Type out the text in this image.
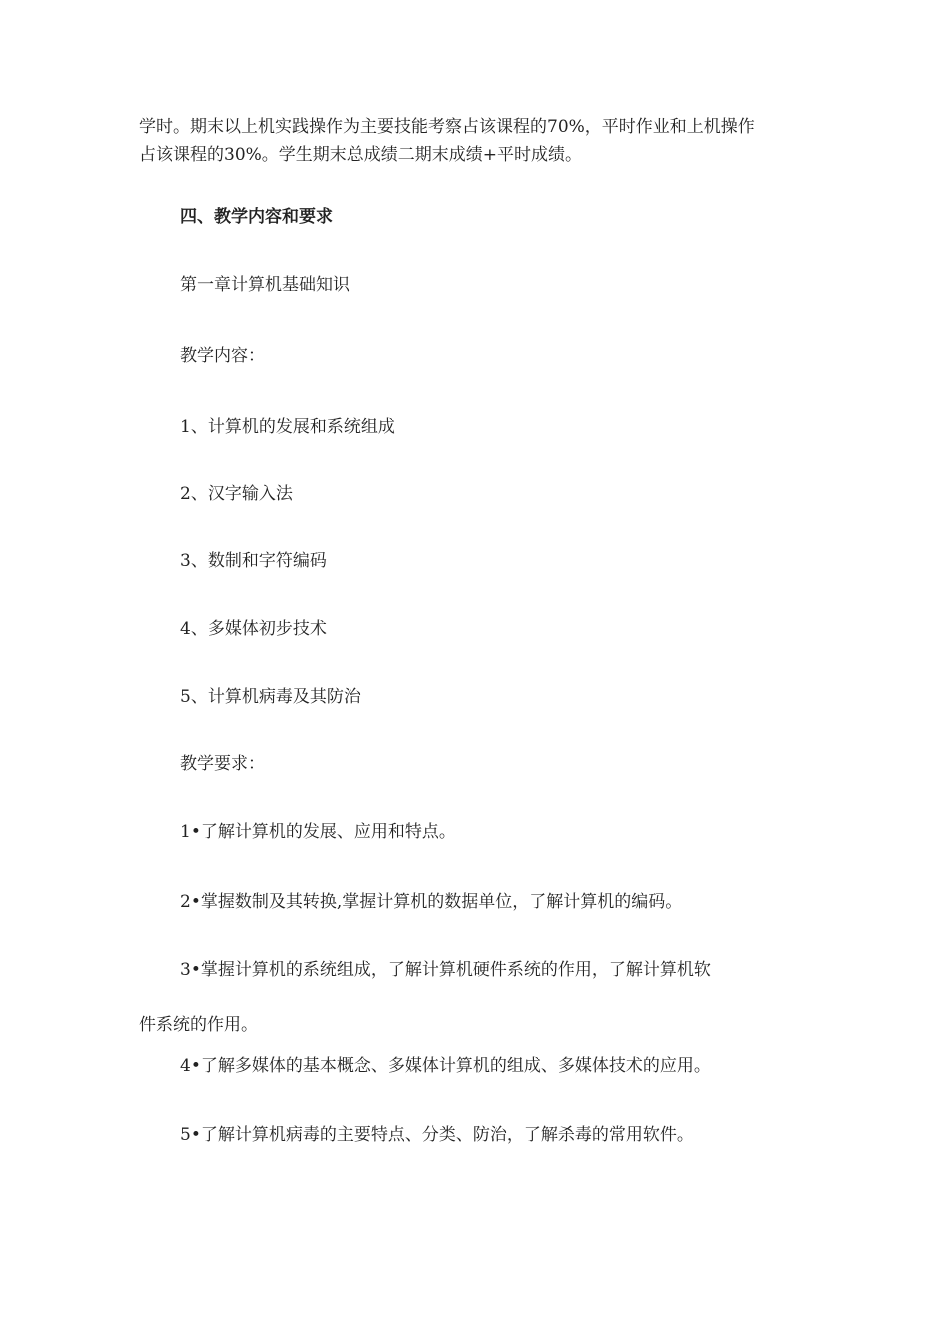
学时。期末以上机实践操作为主要技能考察占该课程的70%，平时作业和上机操作
占该课程的30%。学生期末总成绩二期末成绩+平时成绩。
四、教学内容和要求
第一章计算机基础知识
教学内容：
1、计算机的发展和系统组成
2、汉字输入法
3、数制和字符编码
4、多媒体初步技术
5、计算机病毒及其防治
教学要求：
1•了解计算机的发展、应用和特点。
2•掌握数制及其转换,掌握计算机的数据单位，了解计算机的编码。
3•掌握计算机的系统组成，了解计算机硬件系统的作用，了解计算机软
件系统的作用。
4•了解多媒体的基本概念、多媒体计算机的组成、多媒体技术的应用。
5•了解计算机病毒的主要特点、分类、防治，了解杀毒的常用软件。
